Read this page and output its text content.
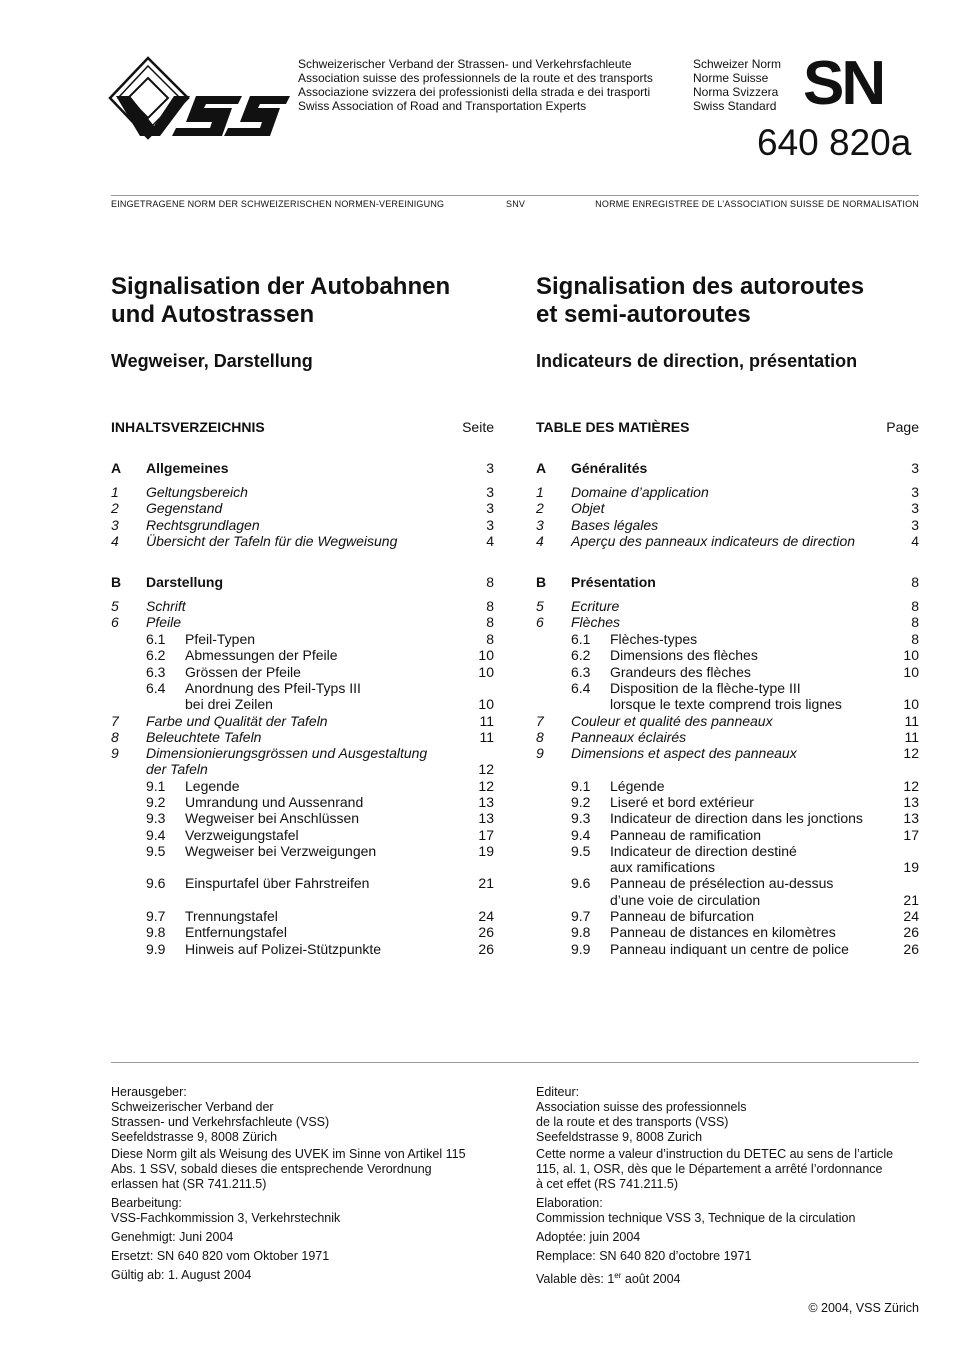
Schweizerischer Verband der Strassen- und Verkehrsfachleute
Association suisse des professionnels de la route et des transports
Associazione svizzera dei professionisti della strada e dei trasporti
Swiss Association of Road and Transportation Experts
Schweizer Norm
Norme Suisse
Norma Svizzera
Swiss Standard SN
640 820a
EINGETRAGENE NORM DER SCHWEIZERISCHEN NORMEN-VEREINIGUNG	SNV	NORME ENREGISTREE DE L’ASSOCIATION SUISSE DE NORMALISATION
Signalisation der Autobahnen
und Autostrassen
Signalisation des autoroutes
et semi-autoroutes
Wegweiser, Darstellung	Indicateurs de direction, présentation
INHALTSVERZEICHNIS	Seite	TABLE DES MATIÈRES	Page
A Allgemeines	3
1 Geltungsbereich	3
2 Gegenstand	3
3 Rechtsgrundlagen	3
4 Übersicht der Tafeln für die Wegweisung	4
B Darstellung	8
5 Schrift	8
6 Pfeile	8
6.1 Pfeil-Typen	8
6.2 Abmessungen der Pfeile	10
6.3 Grössen der Pfeile	10
6.4 Anordnung des Pfeil-Typs III
bei drei Zeilen	10
7 Farbe und Qualität der Tafeln	11
8 Beleuchtete Tafeln	11
9 Dimensionierungsgrössen und Ausgestaltung
der Tafeln	12
9.1 Legende	12
9.2 Umrandung und Aussenrand	13
9.3 Wegweiser bei Anschlüssen	13
9.4 Verzweigungstafel	17
9.5 Wegweiser bei Verzweigungen	19
9.6 Einspurtafel über Fahrstreifen	21
9.7 Trennungstafel	24
9.8 Entfernungstafel	26
9.9 Hinweis auf Polizei-Stützpunkte	26
A Généralités	3
1 Domaine d’application	3
2 Objet	3
3 Bases légales	3
4 Aperçu des panneaux indicateurs de direction	4
B Présentation	8
5 Ecriture	8
6 Flèches	8
6.1 Flèches-types	8
6.2 Dimensions des flèches	10
6.3 Grandeurs des flèches	10
6.4 Disposition de la flèche-type III
lorsque le texte comprend trois lignes	10
7 Couleur et qualité des panneaux	11
8 Panneaux éclairés	11
9 Dimensions et aspect des panneaux	12
9.1 Légende	12
9.2 Liseré et bord extérieur	13
9.3 Indicateur de direction dans les jonctions	13
9.4 Panneau de ramification	17
9.5 Indicateur de direction destiné
aux ramifications	19
9.6 Panneau de présélection au-dessus
d’une voie de circulation	21
9.7 Panneau de bifurcation	24
9.8 Panneau de distances en kilomètres	26
9.9 Panneau indiquant un centre de police	26
Herausgeber:
Schweizerischer Verband der
Strassen- und Verkehrsfachleute (VSS)
Seefeldstrasse 9, 8008 Zürich
Diese Norm gilt als Weisung des UVEK im Sinne von Artikel 115
Abs. 1 SSV, sobald dieses die entsprechende Verordnung
erlassen hat (SR 741.211.5)
Bearbeitung:
VSS-Fachkommission 3, Verkehrstechnik
Genehmigt: Juni 2004
Ersetzt: SN 640 820 vom Oktober 1971
Gültig ab: 1. August 2004
Editeur:
Association suisse des professionnels
de la route et des transports (VSS)
Seefeldstrasse 9, 8008 Zurich
Cette norme a valeur d’instruction du DETEC au sens de l’article
115, al. 1, OSR, dès que le Département a arrêté l’ordonnance
à cet effet (RS 741.211.5)
Elaboration:
Commission technique VSS 3, Technique de la circulation
Adoptée: juin 2004
Remplace: SN 640 820 d’octobre 1971
Valable dès: 1er août 2004
© 2004, VSS Zürich
